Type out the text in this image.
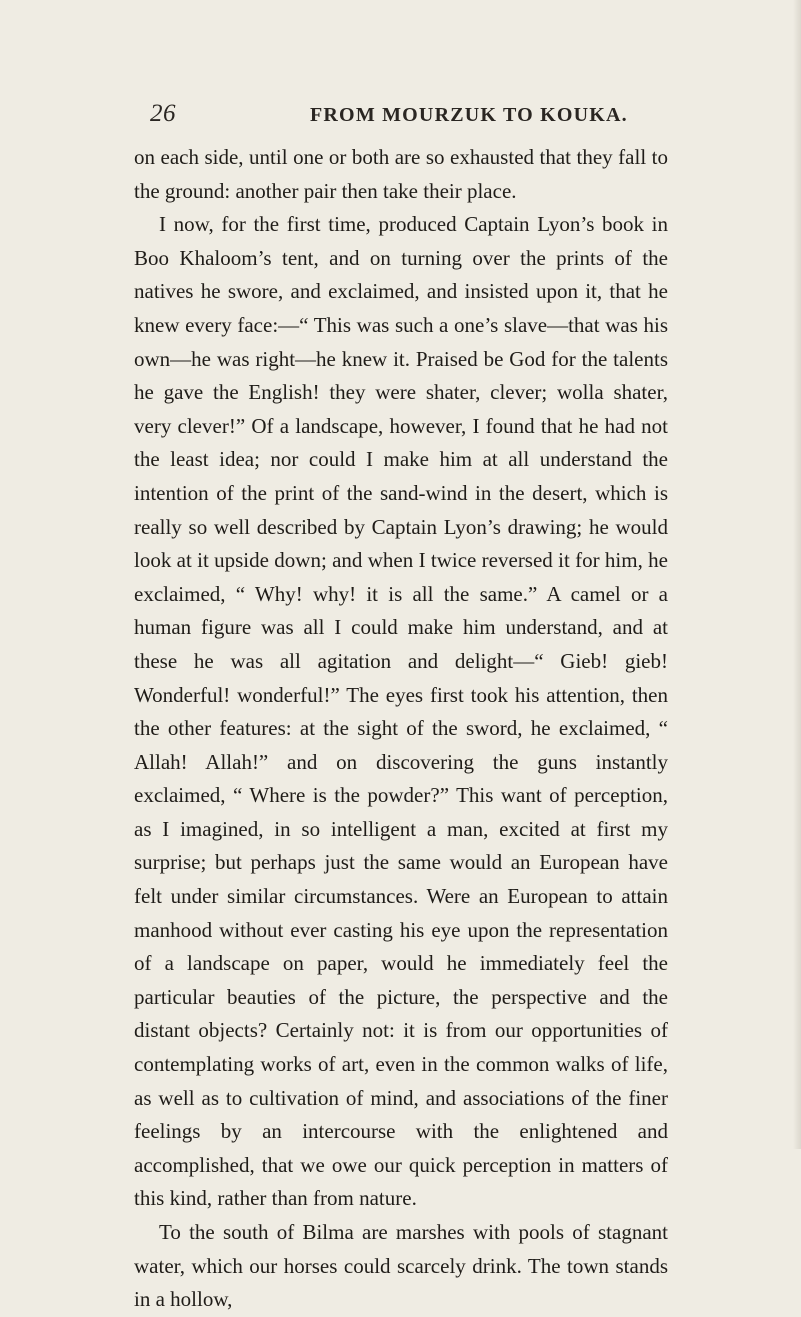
26	FROM MOURZUK TO KOUKA.

on each side, until one or both are so exhausted that they fall to the ground: another pair then take their place.

I now, for the first time, produced Captain Lyon’s book in Boo Khaloom’s tent, and on turning over the prints of the natives he swore, and exclaimed, and insisted upon it, that he knew every face:—“ This was such a one’s slave—that was his own—he was right—he knew it. Praised be God for the talents he gave the English! they were shater, clever; wolla shater, very clever!” Of a landscape, however, I found that he had not the least idea; nor could I make him at all understand the intention of the print of the sand-wind in the desert, which is really so well described by Captain Lyon’s drawing; he would look at it upside down; and when I twice reversed it for him, he exclaimed, “ Why! why! it is all the same.” A camel or a human figure was all I could make him understand, and at these he was all agitation and delight—“ Gieb! gieb! Wonderful! wonderful!” The eyes first took his attention, then the other features: at the sight of the sword, he exclaimed, “ Allah! Allah!” and on discovering the guns instantly exclaimed, “ Where is the powder?” This want of perception, as I imagined, in so intelligent a man, excited at first my surprise; but perhaps just the same would an European have felt under similar circumstances. Were an European to attain manhood without ever casting his eye upon the representation of a landscape on paper, would he immediately feel the particular beauties of the picture, the perspective and the distant objects? Certainly not: it is from our opportunities of contemplating works of art, even in the common walks of life, as well as to cultivation of mind, and associations of the finer feelings by an intercourse with the enlightened and accomplished, that we owe our quick perception in matters of this kind, rather than from nature.

To the south of Bilma are marshes with pools of stagnant water, which our horses could scarcely drink. The town stands in a hollow,
